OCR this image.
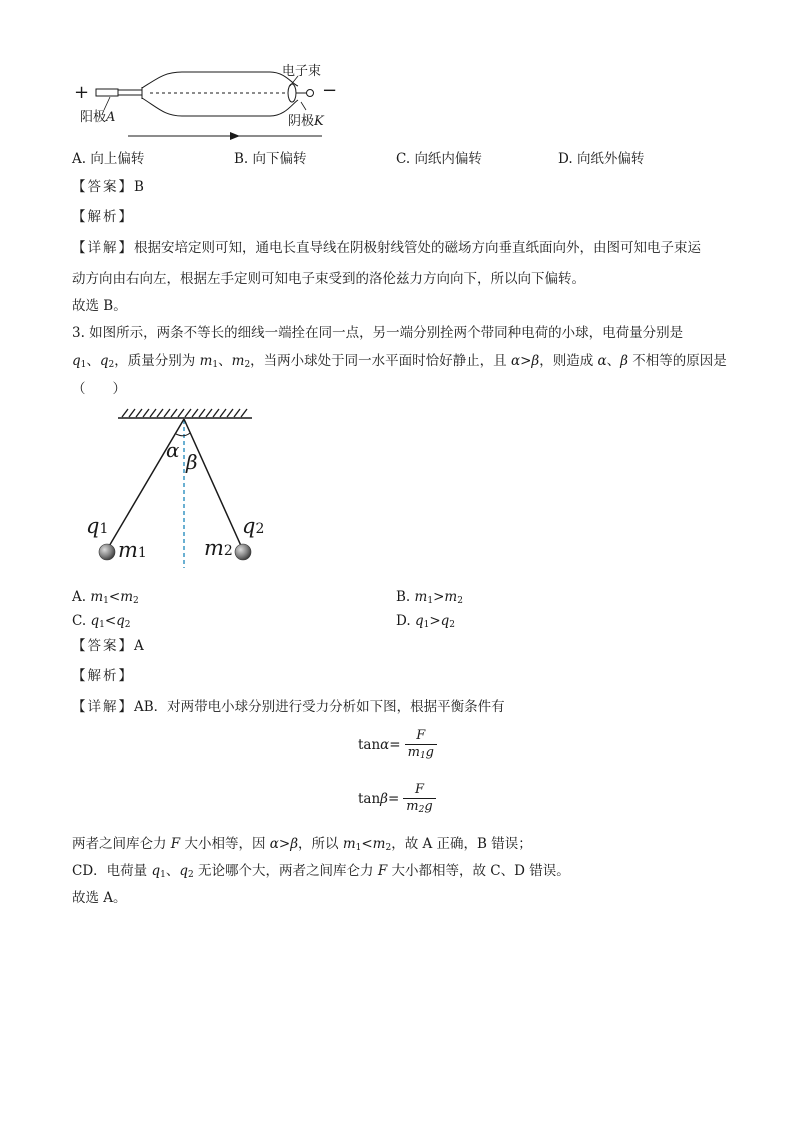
+	−
电子束
阳极A	阴极K
A. 向上偏转	B. 向下偏转	C. 向纸内偏转	D. 向纸外偏转
【答案】B
【解析】
【详解】根据安培定则可知，通电长直导线在阴极射线管处的磁场方向垂直纸面向外，由图可知电子束运
动方向由右向左，根据左手定则可知电子束受到的洛伦兹力方向向下，所以向下偏转。
故选 B。
3. 如图所示，两条不等长的细线一端拴在同一点，另一端分别拴两个带同种电荷的小球，电荷量分别是
$q_1$、$q_2$，质量分别为 $m_1$、$m_2$，当两小球处于同一水平面时恰好静止，且 α>β，则造成 α、β 不相等的原因是
（　　）
α β
q1
m1	m2
q2
A. $m_1<m_2$	B. $m_1>m_2$
C. $q_1<q_2$	D. $q_1>q_2$
【答案】A
【解析】
【详解】AB．对两带电小球分别进行受力分析如下图，根据平衡条件有
$\tan \alpha = \frac{F}{m_1g}$
$\tan \beta = \frac{F}{m_2g}$
两者之间库仑力 F 大小相等，因 α>β，所以 $m_1<m_2$，故 A 正确，B 错误；
CD．电荷量 $q_1$、$q_2$ 无论哪个大，两者之间库仑力 F 大小都相等，故 C、D 错误。
故选 A。
